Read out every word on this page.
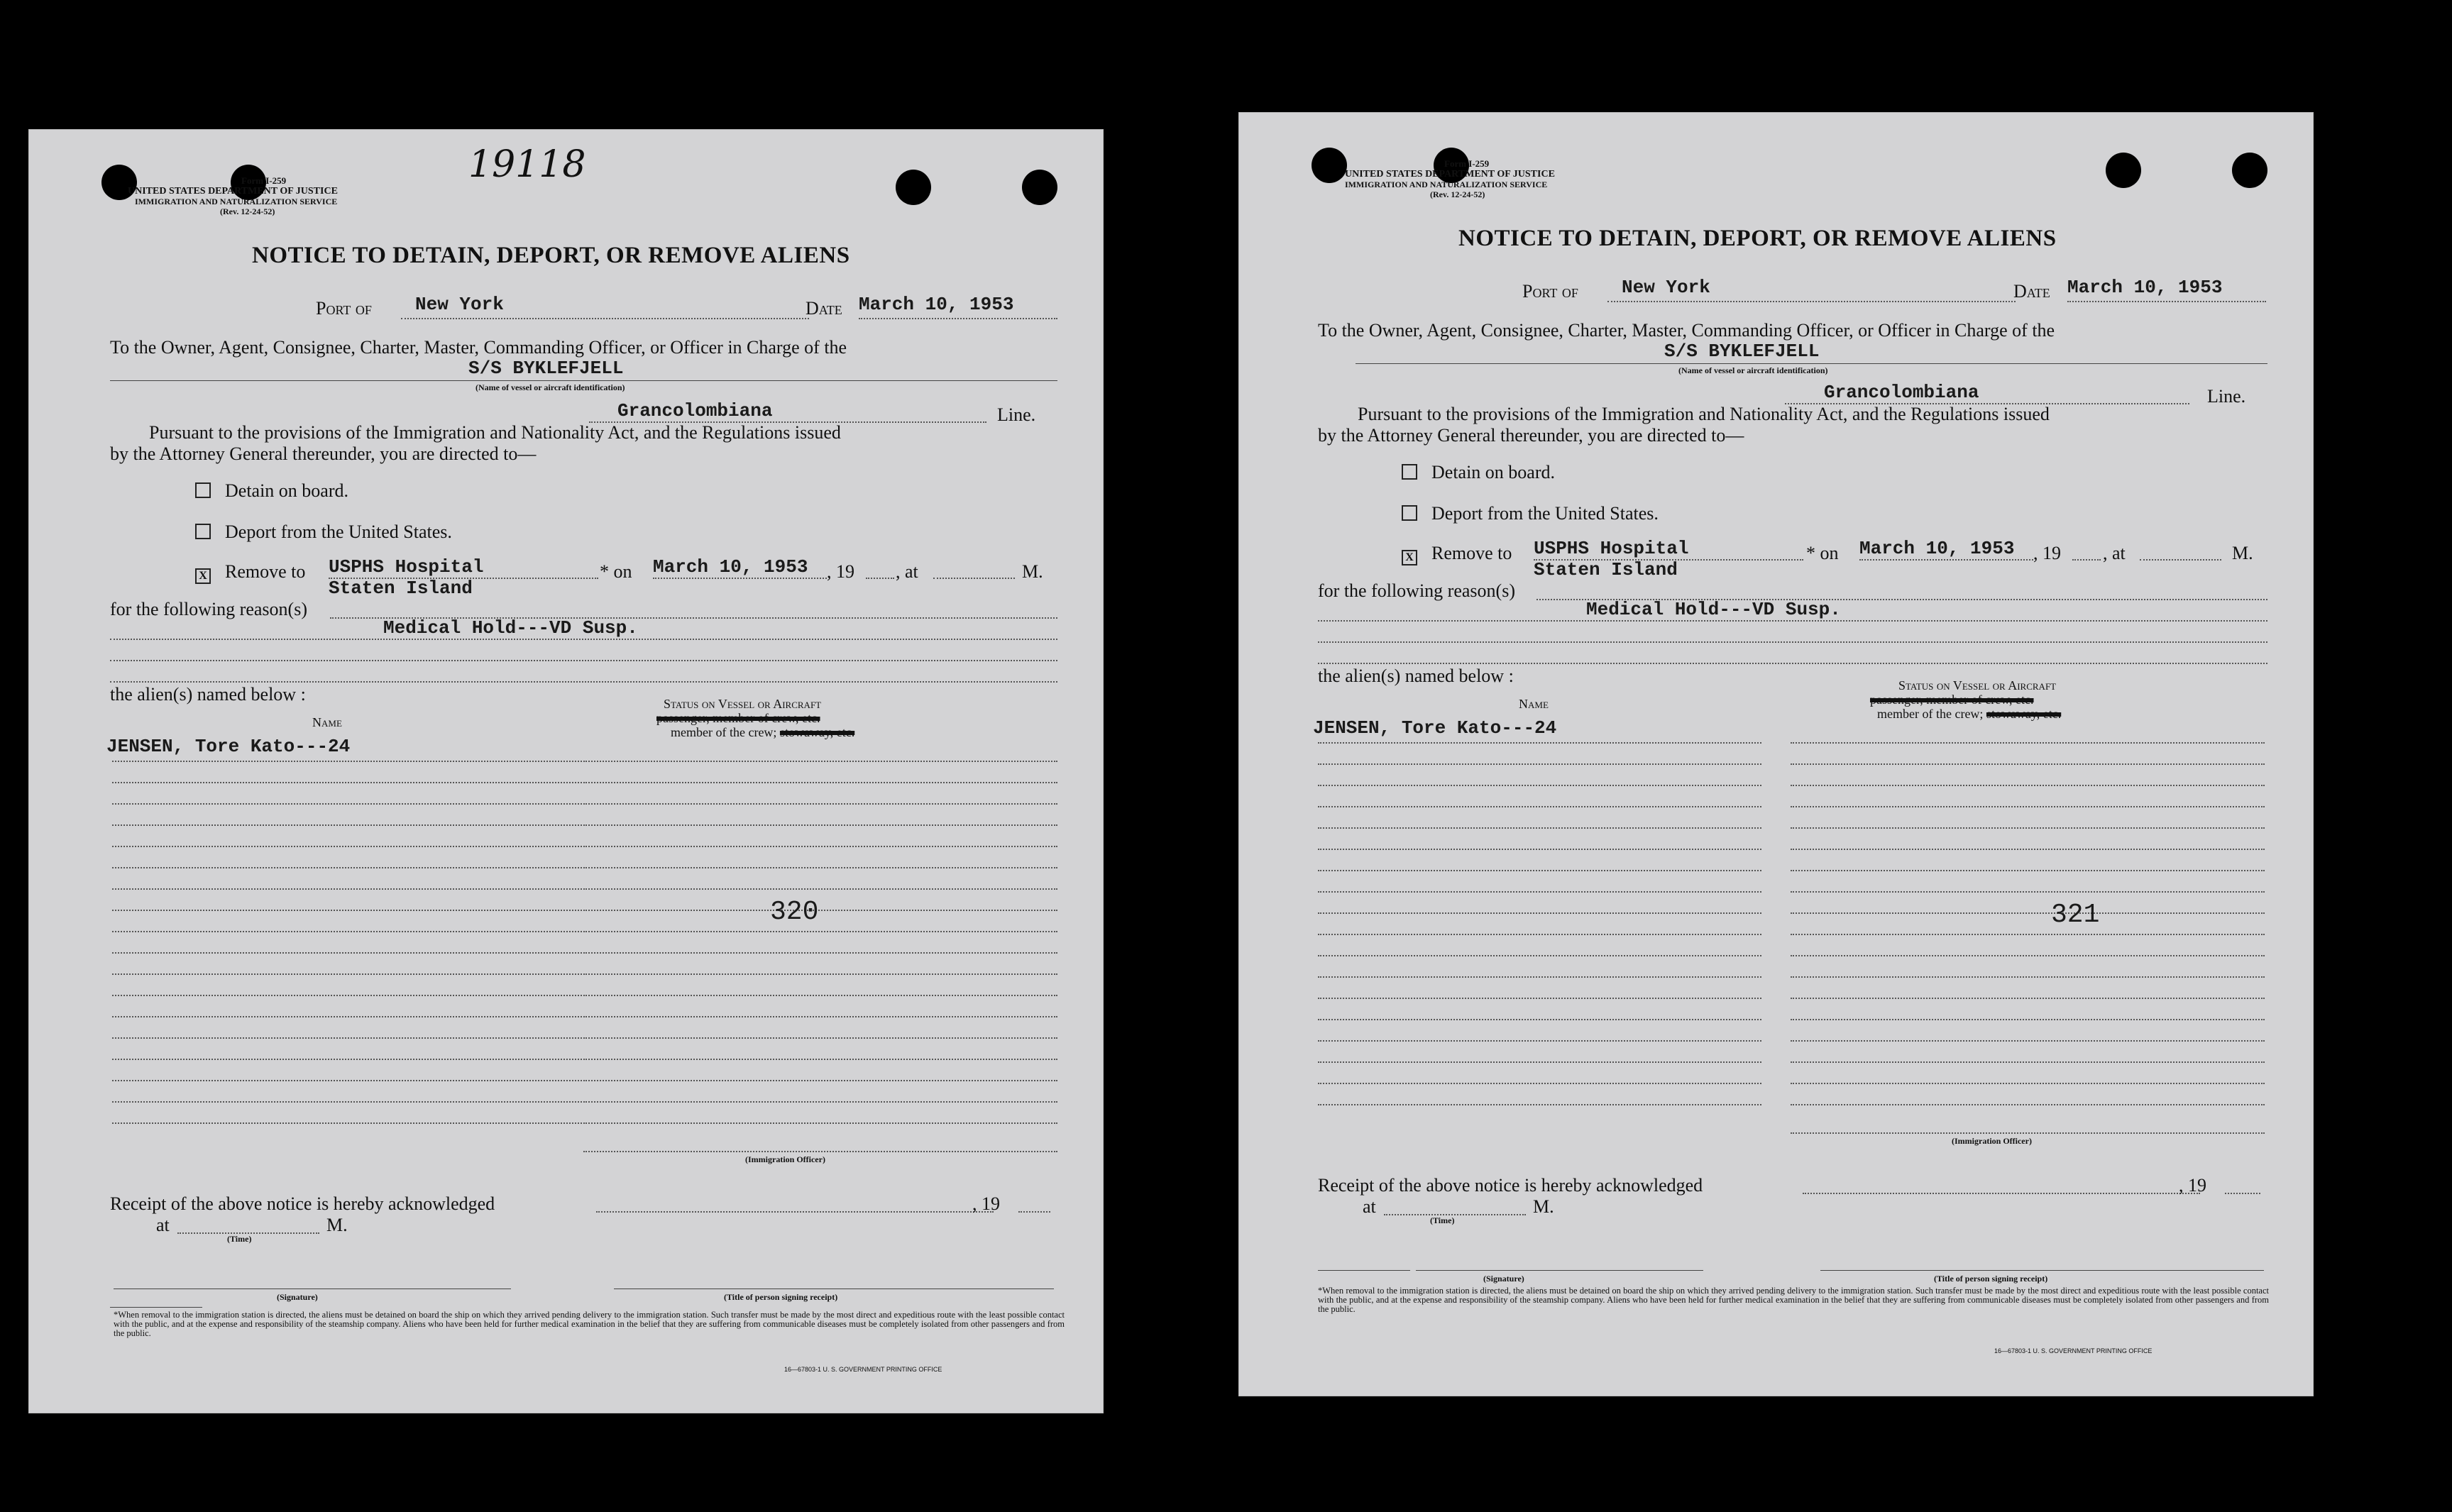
19118
Form I-259
UNITED STATES DEPARTMENT OF JUSTICE
IMMIGRATION AND NATURALIZATION SERVICE
(Rev. 12-24-52)
NOTICE TO DETAIN, DEPORT, OR REMOVE ALIENS
Port of New York	Date March 10, 1953
To the Owner, Agent, Consignee, Charter, Master, Commanding Officer, or Officer in Charge of the
S/S BYKLEFJELL
(Name of vessel or aircraft identification)
Grancolombiana	Line.
Pursuant to the provisions of the Immigration and Nationality Act, and the Regulations issued
by the Attorney General thereunder, you are directed to—
Detain on board.
Deport from the United States.
X Remove to USPHS Hospital
Staten Island
* on March 10, 1953 , 19 , at	M.
for the following reason(s)
Medical Hold---VD Susp.
the alien(s) named below :	Status on Vessel or Aircraft
passenger, member of crew, etc.
Name
member of the crew; stowaway, etc.
JENSEN, Tore Kato---24
320
(Immigration Officer)
Receipt of the above notice is hereby acknowledged	, 19
at	M.
(Time)
(Signature)	(Title of person signing receipt)
*When removal to the immigration station is directed, the aliens must be detained on board the ship on which they arrived pending delivery to the immigration station. Such transfer must be made by the most direct and expeditious route with the least possible contact with the public, and at the expense and responsibility of the steamship company. Aliens who have been held for further medical examination in the belief that they are suffering from communicable diseases must be completely isolated from other passengers and from the public.
16—67803-1 U. S. GOVERNMENT PRINTING OFFICE
Form I-259
UNITED STATES DEPARTMENT OF JUSTICE
IMMIGRATION AND NATURALIZATION SERVICE
(Rev. 12-24-52)
NOTICE TO DETAIN, DEPORT, OR REMOVE ALIENS
Port of New York	Date March 10, 1953
To the Owner, Agent, Consignee, Charter, Master, Commanding Officer, or Officer in Charge of the
S/S BYKLEFJELL
(Name of vessel or aircraft identification)
Grancolombiana	Line.
Pursuant to the provisions of the Immigration and Nationality Act, and the Regulations issued
by the Attorney General thereunder, you are directed to—
Detain on board.
Deport from the United States.
X Remove to USPHS Hospital
Staten Island
* on March 10, 1953 , 19 , at	M.
for the following reason(s)
Medical Hold---VD Susp.
the alien(s) named below :	Status on Vessel or Aircraft
passenger, member of crew, etc.
Name
member of the crew; stowaway, etc.
JENSEN, Tore Kato---24
321
(Immigration Officer)
Receipt of the above notice is hereby acknowledged	, 19
at	M.
(Time)
(Signature)	(Title of person signing receipt)
*When removal to the immigration station is directed, the aliens must be detained on board the ship on which they arrived pending delivery to the immigration station. Such transfer must be made by the most direct and expeditious route with the least possible contact with the public, and at the expense and responsibility of the steamship company. Aliens who have been held for further medical examination in the belief that they are suffering from communicable diseases must be completely isolated from other passengers and from the public.
16—67803-1 U. S. GOVERNMENT PRINTING OFFICE
